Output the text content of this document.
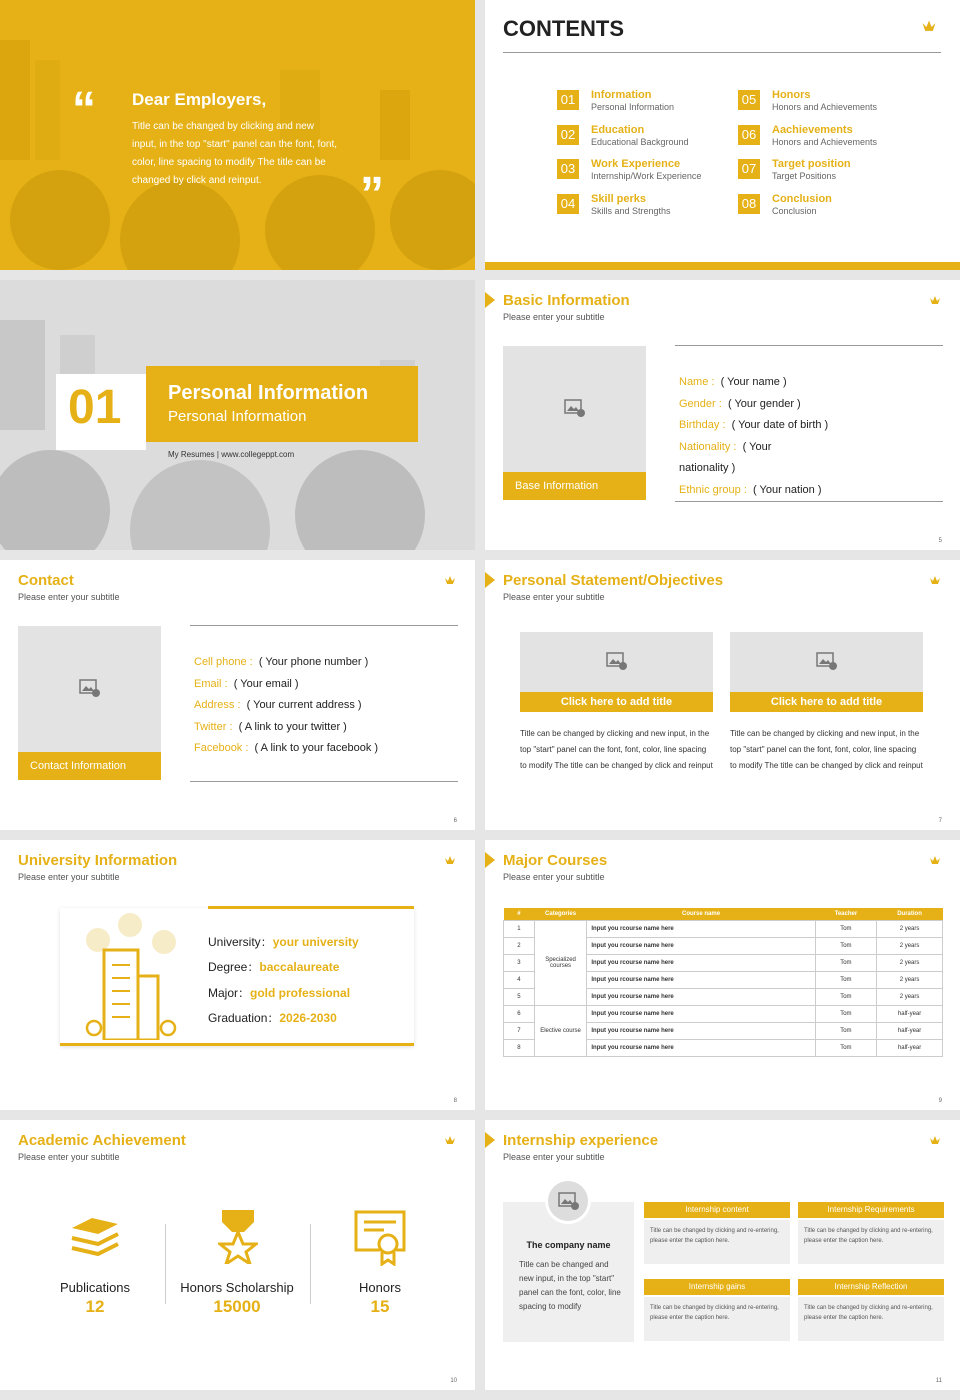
“ Dear Employers,
Title can be changed by clicking and new input, in the top "start" panel can the font, font, color, line spacing to modify The title can be changed by click and reinput.	”
CONTENTS
01	Information
Personal Information
02	Education
Educational Background
03	Work Experience
Internship/Work Experience
04	Skill perks
Skills and Strengths
05	Honors
Honors and Achievements
06	Aachievements
Honors and Achievements
07	Target position
Target Positions
08	Conclusion
Conclusion
01 Personal Information
Personal Information
My Resumes | www.collegeppt.com
Basic Information
Please enter your subtitle
Base Information
Name : ( Your name )
Gender : ( Your gender )
Birthday : ( Your date of birth )
Nationality : ( Your
nationality )
Ethnic group : ( Your nation )
5
Contact
Please enter your subtitle
Contact Information
Cell phone : ( Your phone number )
Email : ( Your email )
Address : ( Your current address )
Twitter : ( A link to your twitter )
Facebook : ( A link to your facebook )
6
Personal Statement/Objectives
Please enter your subtitle
Click here to add title
Title can be changed by clicking and new input, in the top "start" panel can the font, font, color, line spacing to modify The title can be changed by click and reinput
Click here to add title
Title can be changed by clicking and new input, in the top "start" panel can the font, font, color, line spacing to modify The title can be changed by click and reinput
7
University Information
Please enter your subtitle
University：your university
Degree：baccalaureate
Major：gold professional
Graduation：2026-2030
8
Major Courses
Please enter your subtitle
#	Categories	Course name	Teacher	Duration
1	Specialized courses	Input you rcourse name here	Tom	2 years
2		Input you rcourse name here	Tom	2 years
3		Input you rcourse name here	Tom	2 years
4		Input you rcourse name here	Tom	2 years
5		Input you rcourse name here	Tom	2 years
6	Elective course	Input you rcourse name here	Tom	half-year
7		Input you rcourse name here	Tom	half-year
8		Input you rcourse name here	Tom	half-year
9
Academic Achievement
Please enter your subtitle
Publications
12
Honors Scholarship
15000
Honors
15
10
Internship experience
Please enter your subtitle
The company name
Title can be changed and new input, in the top "start" panel can the font, color, line spacing to modify
Internship content
Title can be changed by clicking and re-entering, please enter the caption here.
Internship Requirements
Title can be changed by clicking and re-entering, please enter the caption here.
Internship gains
Title can be changed by clicking and re-entering, please enter the caption here.
Internship Reflection
Title can be changed by clicking and re-entering, please enter the caption here.
11
